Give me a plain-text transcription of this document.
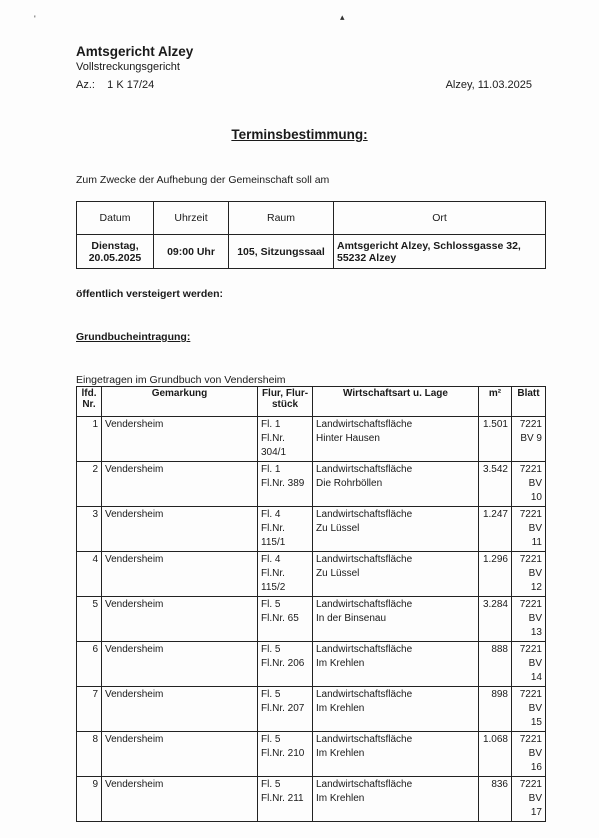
'	▴
Amtsgericht Alzey
Vollstreckungsgericht
Az.:    1 K 17/24	Alzey, 11.03.2025
Terminsbestimmung:
Zum Zwecke der Aufhebung der Gemeinschaft soll am
Datum	Uhrzeit	Raum	Ort

Dienstag,
20.05.2025	09:00 Uhr	105, Sitzungssaal	Amtsgericht Alzey, Schlossgasse 32,
55232 Alzey
öffentlich versteigert werden:
Grundbucheintragung:
Eingetragen im Grundbuch von Vendersheim
lfd.
Nr.	Gemarkung	Flur, Flur-
stück	Wirtschaftsart u. Lage	m²	Blatt

1	Vendersheim	Fl. 1
Fl.Nr.
304/1	Landwirtschaftsfläche
Hinter Hausen	1.501	7221
BV 9

2	Vendersheim	Fl. 1
Fl.Nr. 389	Landwirtschaftsfläche
Die Rohrböllen	3.542	7221
BV
10

3	Vendersheim	Fl. 4
Fl.Nr.
115/1	Landwirtschaftsfläche
Zu Lüssel	1.247	7221
BV
11

4	Vendersheim	Fl. 4
Fl.Nr.
115/2	Landwirtschaftsfläche
Zu Lüssel	1.296	7221
BV
12

5	Vendersheim	Fl. 5
Fl.Nr. 65	Landwirtschaftsfläche
In der Binsenau	3.284	7221
BV
13

6	Vendersheim	Fl. 5
Fl.Nr. 206	Landwirtschaftsfläche
Im Krehlen	888	7221
BV
14

7	Vendersheim	Fl. 5
Fl.Nr. 207	Landwirtschaftsfläche
Im Krehlen	898	7221
BV
15

8	Vendersheim	Fl. 5
Fl.Nr. 210	Landwirtschaftsfläche
Im Krehlen	1.068	7221
BV
16

9	Vendersheim	Fl. 5
Fl.Nr. 211	Landwirtschaftsfläche
Im Krehlen	836	7221
BV
17
